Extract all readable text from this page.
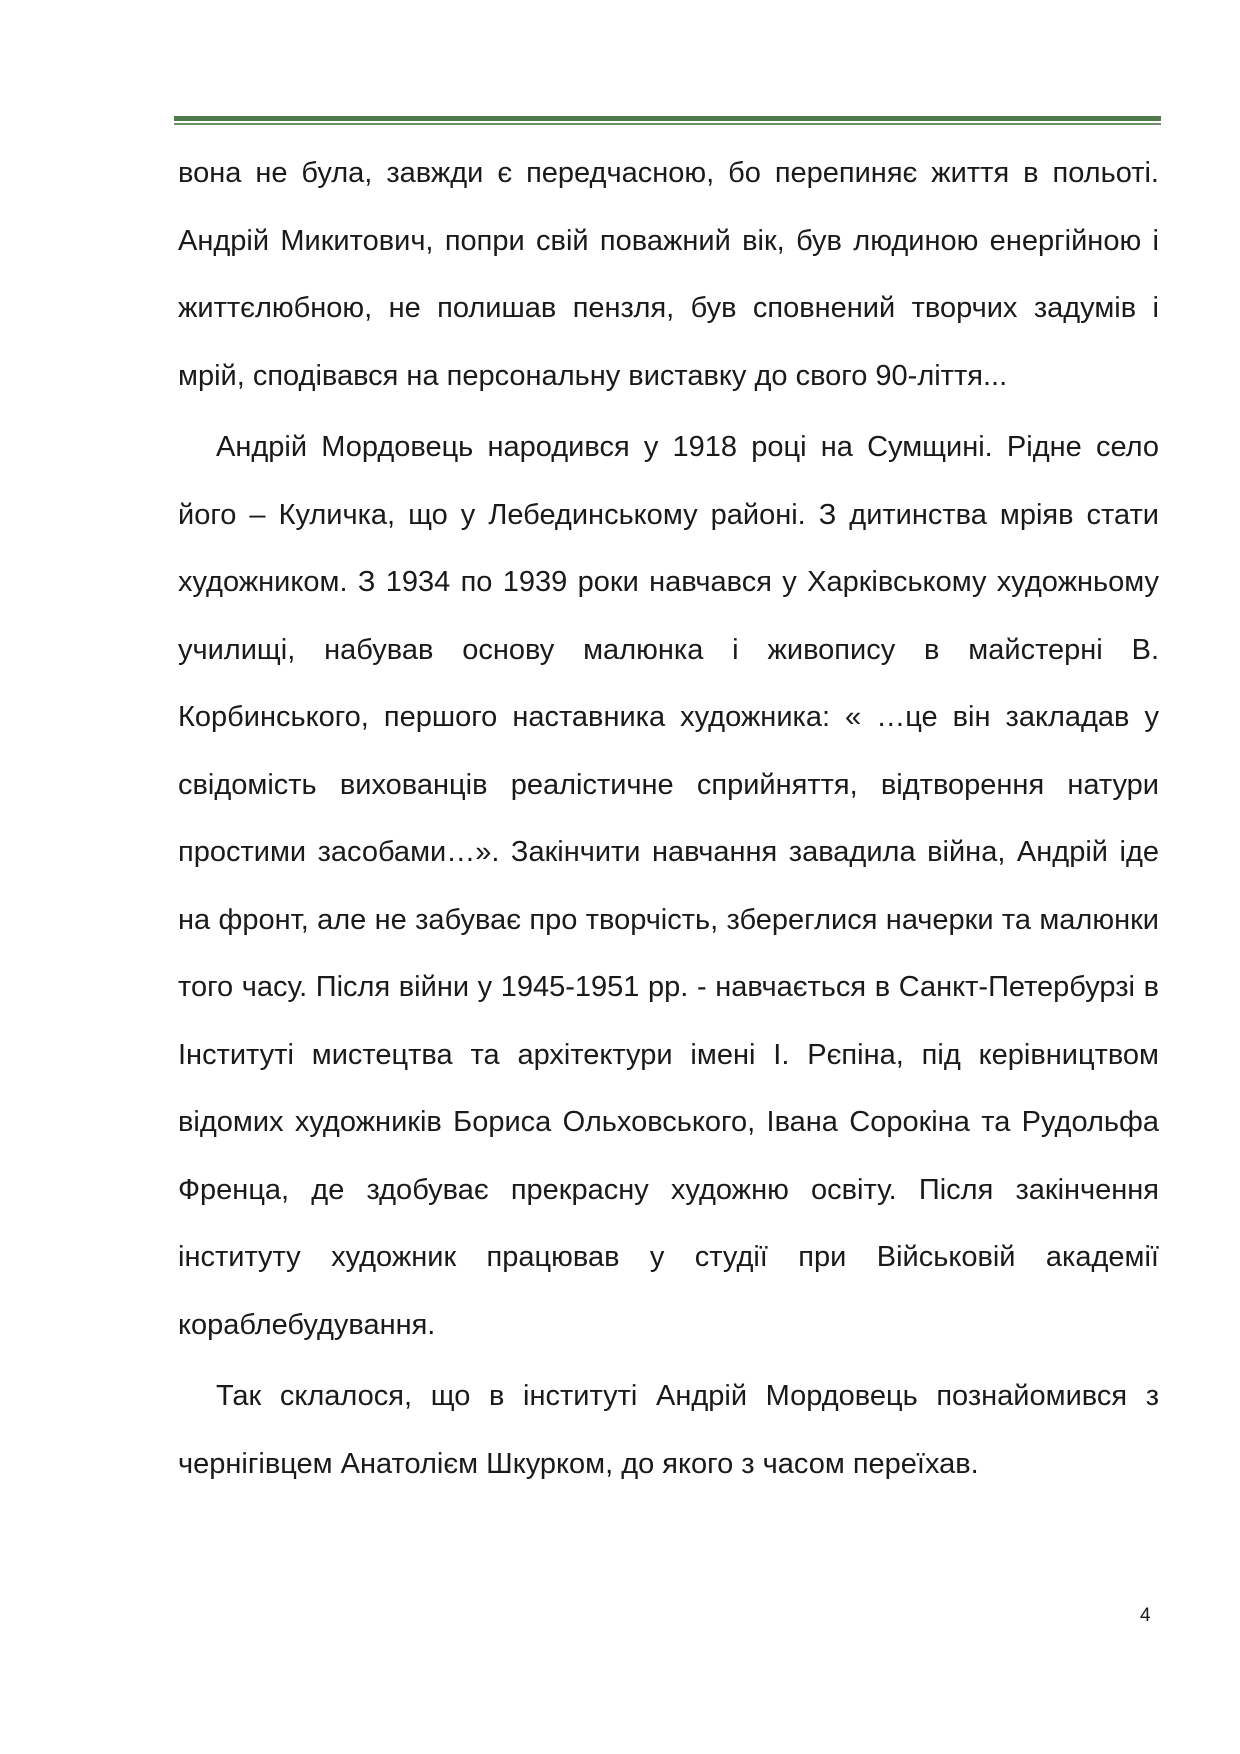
вона не була, завжди є передчасною, бо перепиняє життя в польоті. Андрій Микитович, попри свій поважний вік, був людиною енергійною і життєлюбною, не полишав пензля, був сповнений творчих задумів і мрій, сподівався на персональну виставку до свого 90-ліття...

Андрій Мордовець народився у 1918 році на Сумщині. Рідне село його – Куличка, що у Лебединському районі. З дитинства мріяв стати художником. З 1934 по 1939 роки навчався у Харківському художньому училищі, набував основу малюнка і живопису в майстерні В. Корбинського, першого наставника художника: « …це він закладав у свідомість вихованців реалістичне сприйняття, відтворення натури простими засобами…». Закінчити навчання завадила війна, Андрій іде на фронт, але не забуває про творчість, збереглися начерки та малюнки того часу. Після війни у 1945-1951 рр. - навчається в Санкт-Петербурзі в Інституті мистецтва та архітектури імені І. Рєпіна, під керівництвом відомих художників Бориса Ольховського, Івана Сорокіна та Рудольфа Френца, де здобуває прекрасну художню освіту. Після закінчення інституту художник працював у студії при Військовій академії кораблебудування.

Так склалося, що в інституті Андрій Мордовець познайомився з чернігівцем Анатолієм Шкурком, до якого з часом переїхав.

4
